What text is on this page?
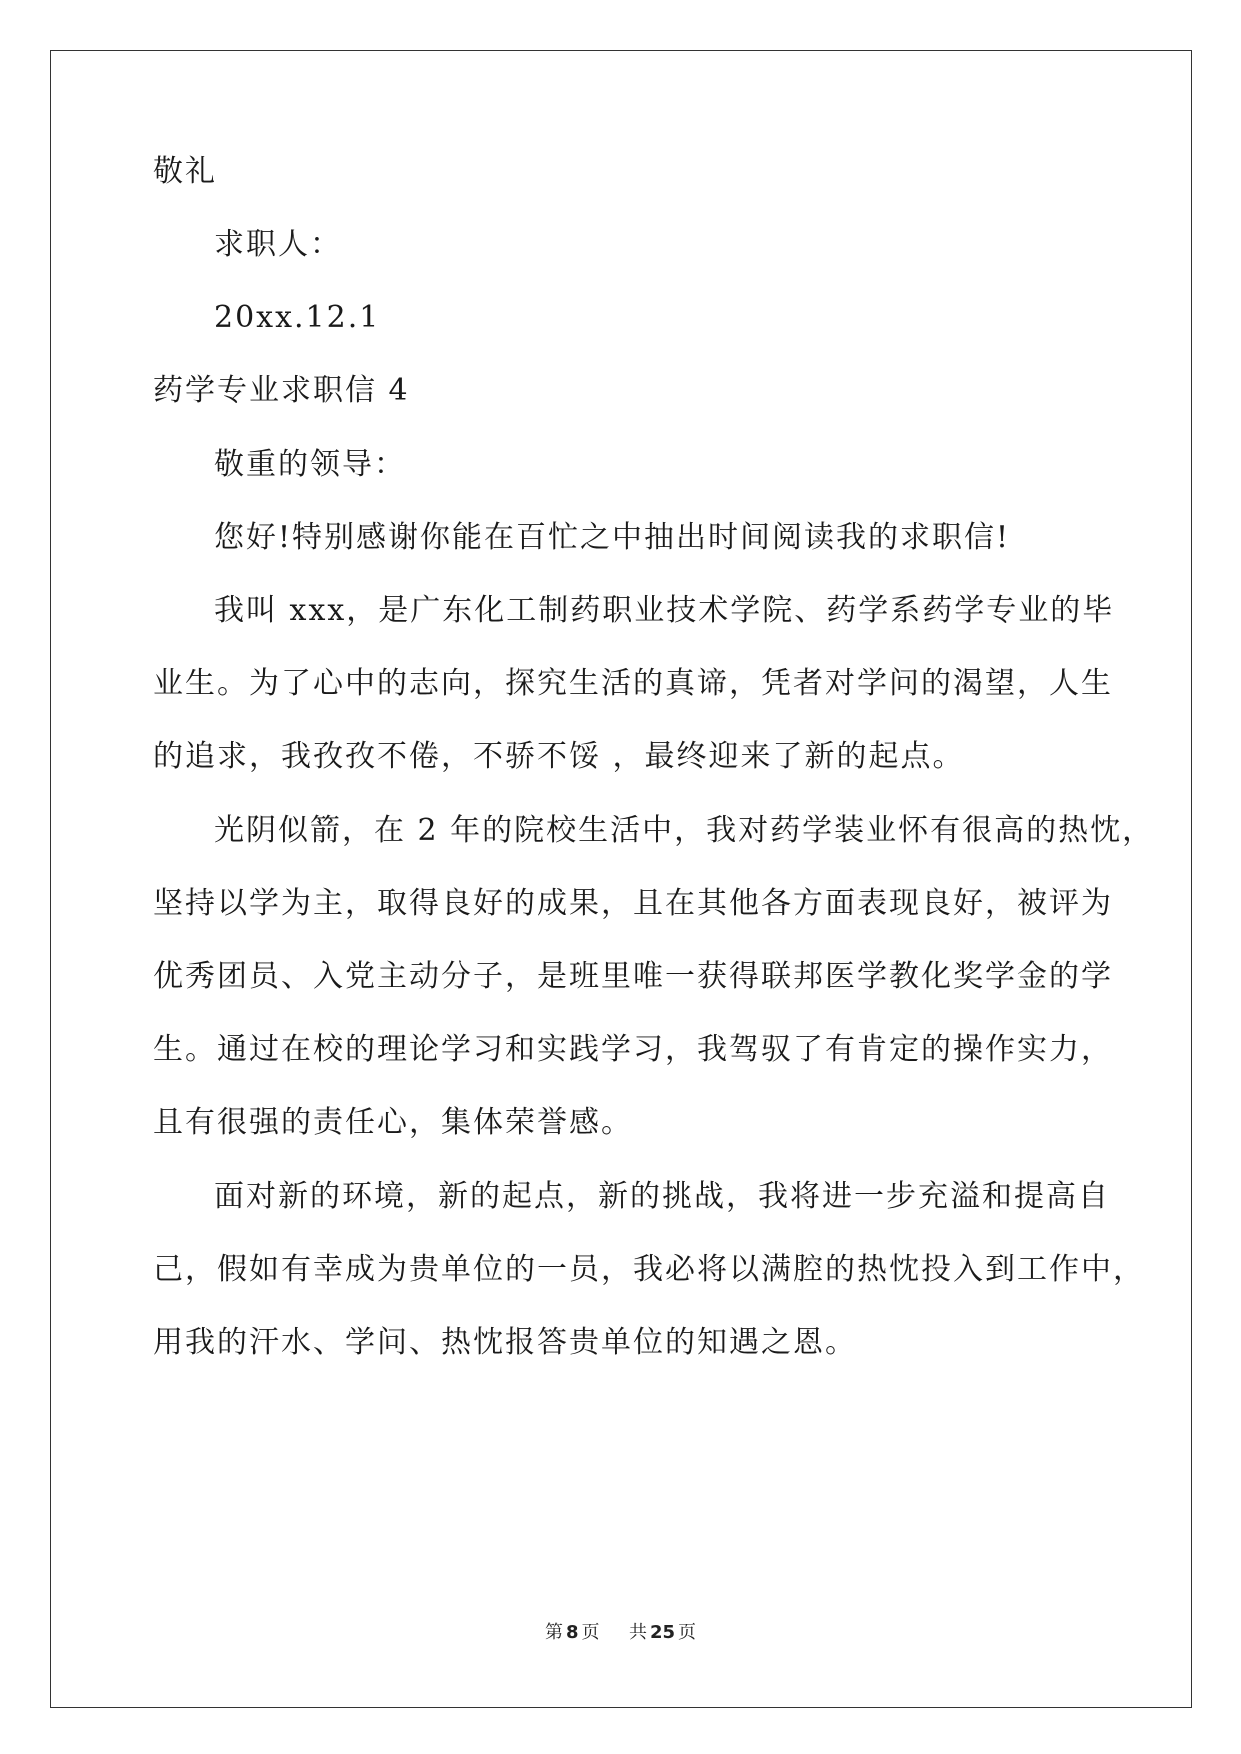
敬礼
求职人：
20xx.12.1
药学专业求职信 4
敬重的领导：
您好!特别感谢你能在百忙之中抽出时间阅读我的求职信!
我叫 xxx，是广东化工制药职业技术学院、药学系药学专业的毕
业生。为了心中的志向，探究生活的真谛，凭者对学问的渴望，人生
的追求，我孜孜不倦，不骄不馁 ，最终迎来了新的起点。
光阴似箭，在 2 年的院校生活中，我对药学装业怀有很高的热忱，
坚持以学为主，取得良好的成果，且在其他各方面表现良好，被评为
优秀团员、入党主动分子，是班里唯一获得联邦医学教化奖学金的学
生。通过在校的理论学习和实践学习，我驾驭了有肯定的操作实力，
且有很强的责任心，集体荣誉感。
面对新的环境，新的起点，新的挑战，我将进一步充溢和提高自
己，假如有幸成为贵单位的一员，我必将以满腔的热忱投入到工作中，
用我的汗水、学问、热忱报答贵单位的知遇之恩。
第 8 页 共 25 页
